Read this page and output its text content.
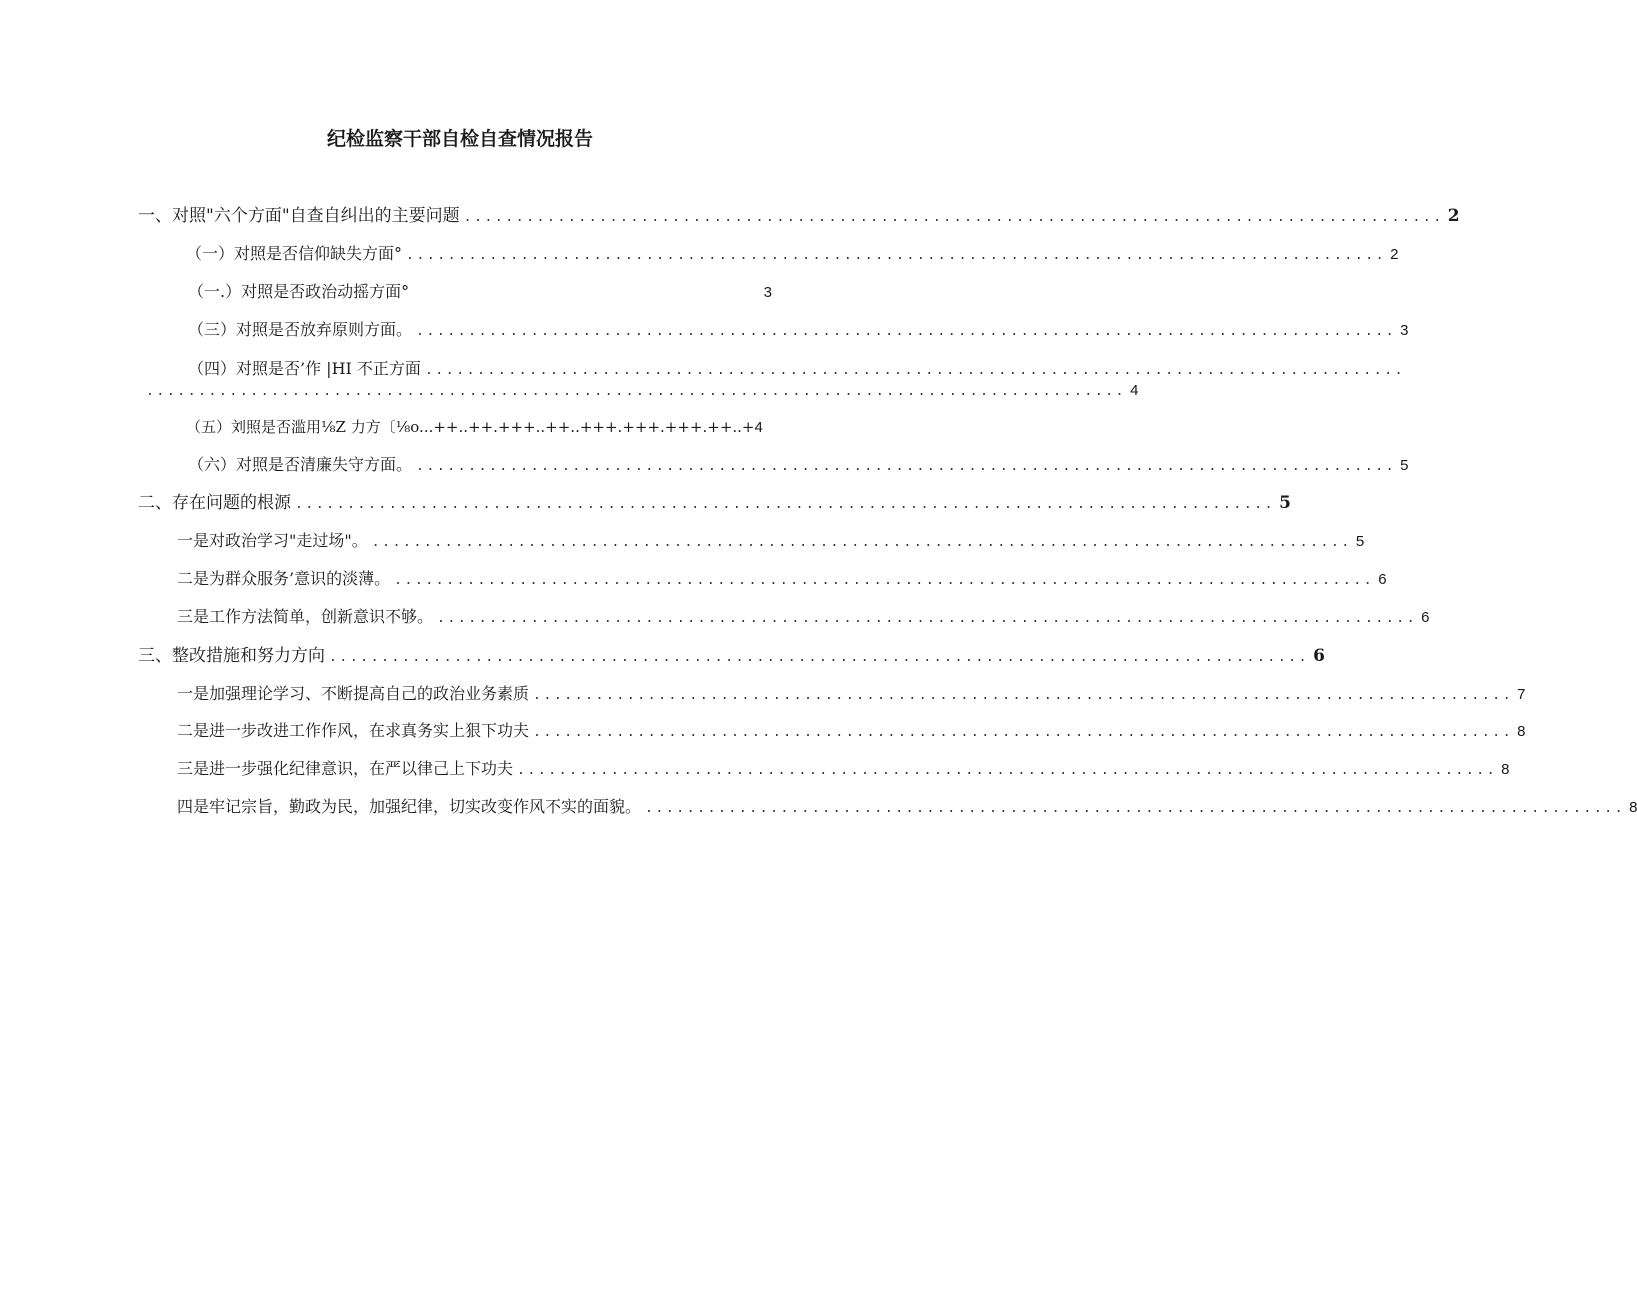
纪检监察干部自检自查情况报告
一、对照"六个方面"自查自纠出的主要问题 .............................................................................................. 2
（一）对照是否信仰缺失方面° .............................................................................................. 2
（一.）对照是否政治动摇方面°	3
（三）对照是否放弃原则方面。 .............................................................................................. 3
（四）对照是否’作 |HI 不正方面 ..............................................................................................
.............................................................................................. 4
（五）刘照是否滥用⅛Z 力方〔⅛o...++..++.+++..++..+++.+++.+++.++..+ 4
（六）对照是否清廉失守方面。 .............................................................................................. 5
二、存在问题的根源 .............................................................................................. 5
一是对政治学习"走过场"。 .............................................................................................. 5
二是为群众服务’意识的淡薄。 .............................................................................................. 6
三是工作方法简单，创新意识不够。 .............................................................................................. 6
三、整改措施和努力方向 .............................................................................................. 6
一是加强理论学习、不断提高自己的政治业务素质 .............................................................................................. 7
二是进一步改进工作作风，在求真务实上狠下功夫 .............................................................................................. 8
三是进一步强化纪律意识，在严以律己上下功夫 .............................................................................................. 8
四是牢记宗旨，勤政为民，加强纪律，切实改变作风不实的面貌。 .............................................................................................. 8
